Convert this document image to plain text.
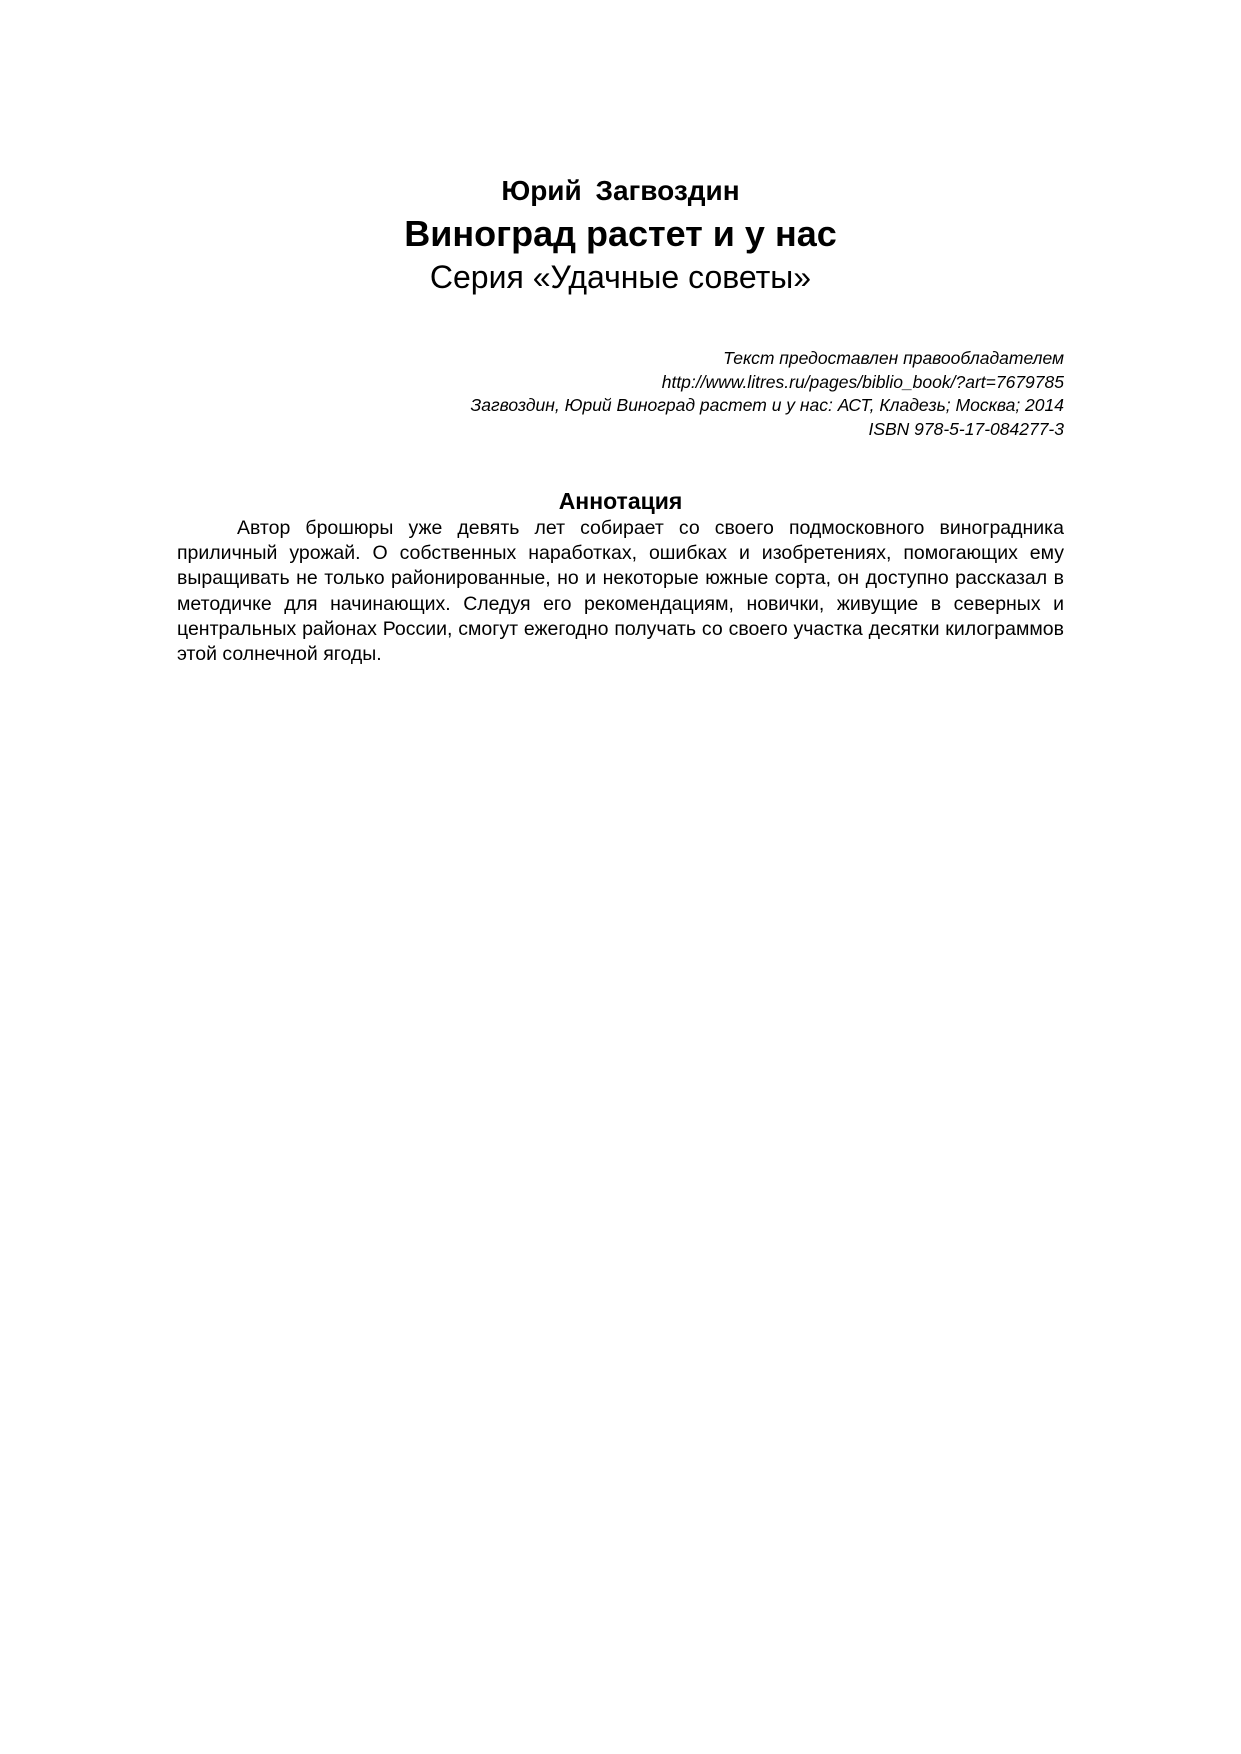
Юрий Загвоздин
Виноград растет и у нас
Серия «Удачные советы»
Текст предоставлен правообладателем
http://www.litres.ru/pages/biblio_book/?art=7679785
Загвоздин, Юрий Виноград растет и у нас: АСТ, Кладезь; Москва; 2014
ISBN 978-5-17-084277-3
Аннотация

Автор брошюры уже девять лет собирает со своего подмосковного виноградника приличный урожай. О собственных наработках, ошибках и изобретениях, помогающих ему выращивать не только районированные, но и некоторые южные сорта, он доступно рассказал в методичке для начинающих. Следуя его рекомендациям, новички, живущие в северных и центральных районах России, смогут ежегодно получать со своего участка десятки килограммов этой солнечной ягоды.
